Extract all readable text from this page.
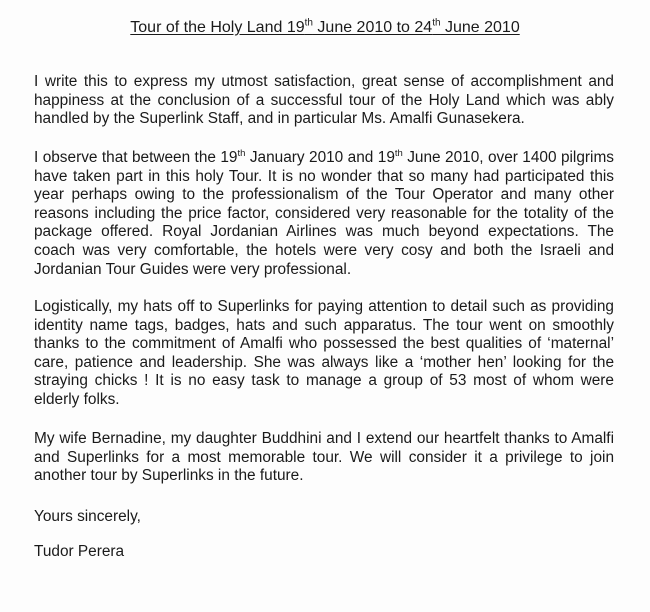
Tour of the Holy Land 19th June 2010 to 24th June 2010
I write this to express my utmost satisfaction, great sense of accomplishment and happiness at the conclusion of a successful tour of the Holy Land which was ably handled by the Superlink Staff, and in particular Ms. Amalfi Gunasekera.
I observe that between the 19th January 2010 and 19th June 2010, over 1400 pilgrims have taken part in this holy Tour. It is no wonder that so many had participated this year perhaps owing to the professionalism of the Tour Operator and many other reasons including the price factor, considered very reasonable for the totality of the package offered. Royal Jordanian Airlines was much beyond expectations. The coach was very comfortable, the hotels were very cosy and both the Israeli and Jordanian Tour Guides were very professional.
Logistically, my hats off to Superlinks for paying attention to detail such as providing identity name tags, badges, hats and such apparatus. The tour went on smoothly thanks to the commitment of Amalfi who possessed the best qualities of ‘maternal’ care, patience and leadership. She was always like a ‘mother hen’ looking for the straying chicks ! It is no easy task to manage a group of 53 most of whom were elderly folks.
My wife Bernadine, my daughter Buddhini and I extend our heartfelt thanks to Amalfi and Superlinks for a most memorable tour. We will consider it a privilege to join another tour by Superlinks in the future.
Yours sincerely,
Tudor Perera
